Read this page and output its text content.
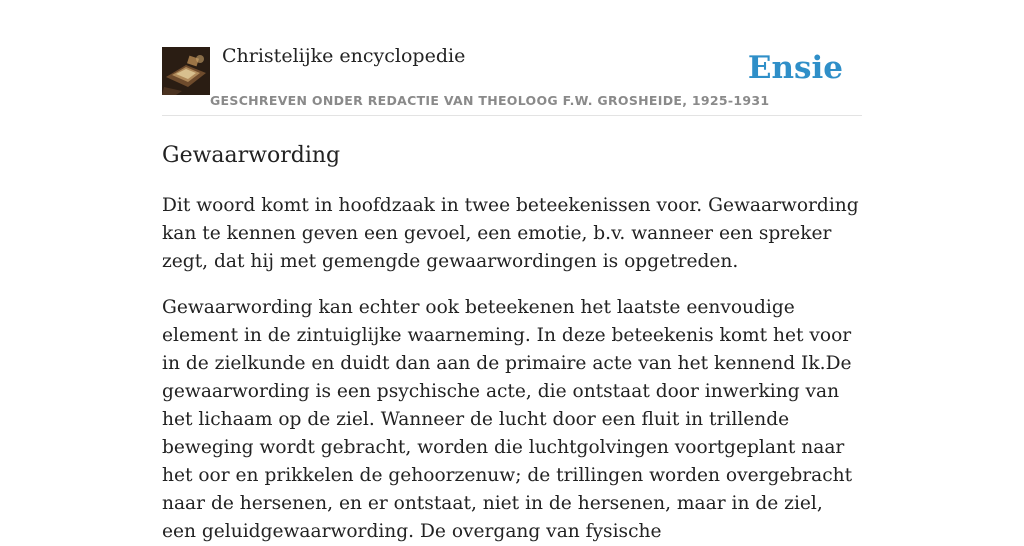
Christelijke encyclopedie
GESCHREVEN ONDER REDACTIE VAN THEOLOOG F.W. GROSHEIDE, 1925-1931
Ensie
Gewaarwording

Dit woord komt in hoofdzaak in twee beteekenissen voor. Gewaarwording kan te kennen geven een gevoel, een emotie, b.v. wanneer een spreker zegt, dat hij met gemengde gewaarwordingen is opgetreden.

Gewaarwording kan echter ook beteekenen het laatste eenvoudige element in de zintuiglijke waarneming. In deze beteekenis komt het voor in de zielkunde en duidt dan aan de primaire acte van het kennend Ik.De gewaarwording is een psychische acte, die ontstaat door inwerking van het lichaam op de ziel. Wanneer de lucht door een fluit in trillende beweging wordt gebracht, worden die luchtgolvingen voortgeplant naar het oor en prikkelen de gehoorzenuw; de trillingen worden overgebracht naar de hersenen, en er ontstaat, niet in de hersenen, maar in de ziel, een geluidgewaarwording. De overgang van fysische
